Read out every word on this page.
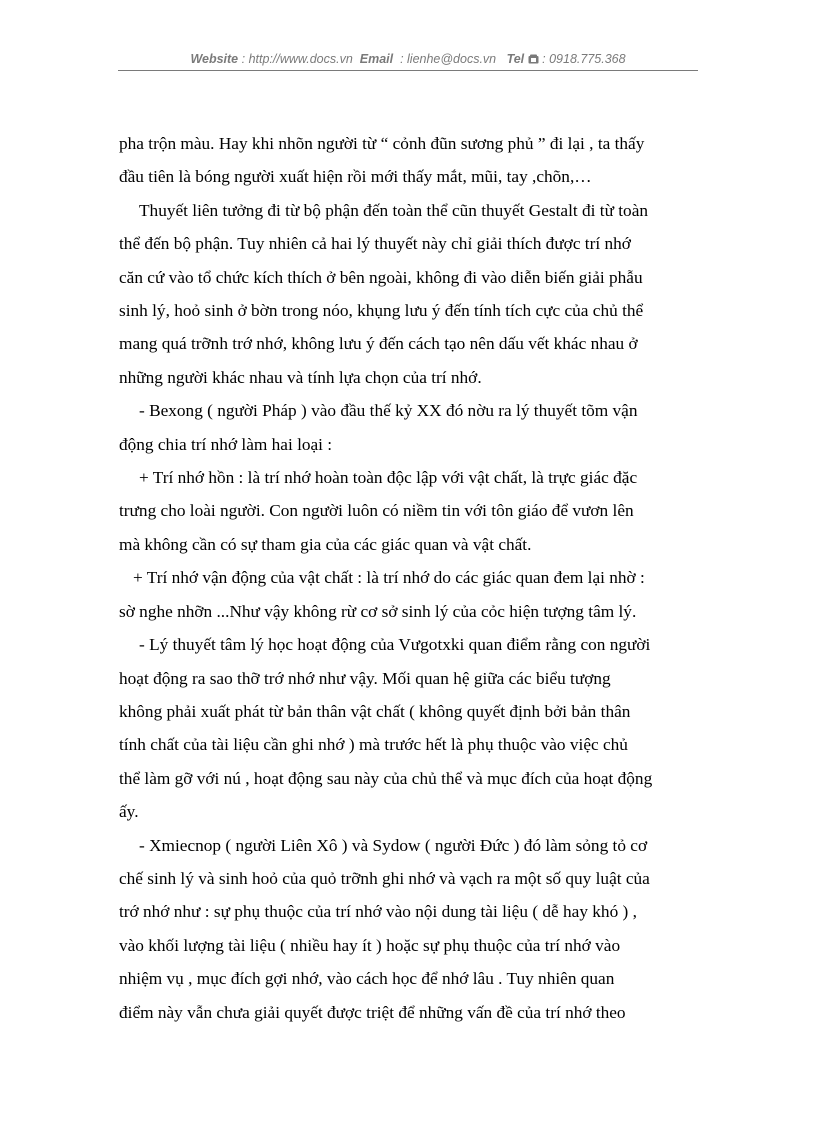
Website : http://www.docs.vn Email : lienhe@docs.vn Tel : 0918.775.368

pha trộn màu. Hay khi nhõn người từ “ cỏnh đũn sương phủ ” đi lại , ta thấy

đầu tiên là bóng người xuất hiện rồi mới thấy mắt, mũi, tay ,chõn,…

Thuyết liên tưởng đi từ bộ phận đến toàn thể cũn thuyết Gestalt đi từ toàn

thể đến bộ phận. Tuy nhiên cả hai lý thuyết này chỉ giải thích được trí nhớ

căn cứ vào tổ chức kích thích ở bên ngoài, không đi vào diễn biến giải phẫu

sinh lý, hoỏ sinh ở bờn trong nóo, khụng lưu ý đến tính tích cực của chủ thể

mang quá trỡnh trớ nhớ, không lưu ý đến cách tạo nên dấu vết khác nhau ở

những người khác nhau và tính lựa chọn của trí nhớ.

- Bexong ( người Pháp ) vào đầu thế kỷ XX đó nờu ra lý thuyết tõm vận

động chia trí nhớ làm hai loại :

+ Trí nhớ hồn : là trí nhớ hoàn toàn độc lập với vật chất, là trực giác đặc

trưng cho loài người. Con người luôn có niềm tin với tôn giáo để vươn lên

mà không cần có sự tham gia của các giác quan và vật chất.

+ Trí nhớ vận động của vật chất : là trí nhớ do các giác quan đem lại nhờ :

sờ nghe nhỡn ...Như vậy không rừ cơ sở sinh lý của cỏc hiện tượng tâm lý.

- Lý thuyết tâm lý học hoạt động của Vưgotxki quan điểm rằng con người

hoạt động ra sao thỡ trớ nhớ như vậy. Mối quan hệ giữa các biểu tượng

không phải xuất phát từ bản thân vật chất ( không quyết định bởi bản thân

tính chất của tài liệu cần ghi nhớ ) mà trước hết là phụ thuộc vào việc chủ

thể làm gỡ với nú , hoạt động sau này của chủ thể và mục đích của hoạt động

ấy.

- Xmiecnop ( người Liên Xô ) và Sydow ( người Đức ) đó làm sỏng tỏ cơ

chế sinh lý và sinh hoỏ của quỏ trỡnh ghi nhớ và vạch ra một số quy luật của

trớ nhớ như : sự phụ thuộc của trí nhớ vào nội dung tài liệu ( dễ hay khó ) ,

vào khối lượng tài liệu ( nhiều hay ít ) hoặc sự phụ thuộc của trí nhớ vào

nhiệm vụ , mục đích gợi nhớ, vào cách học để nhớ lâu . Tuy nhiên quan

điểm này vẫn chưa giải quyết được triệt để những vấn đề của trí nhớ theo
